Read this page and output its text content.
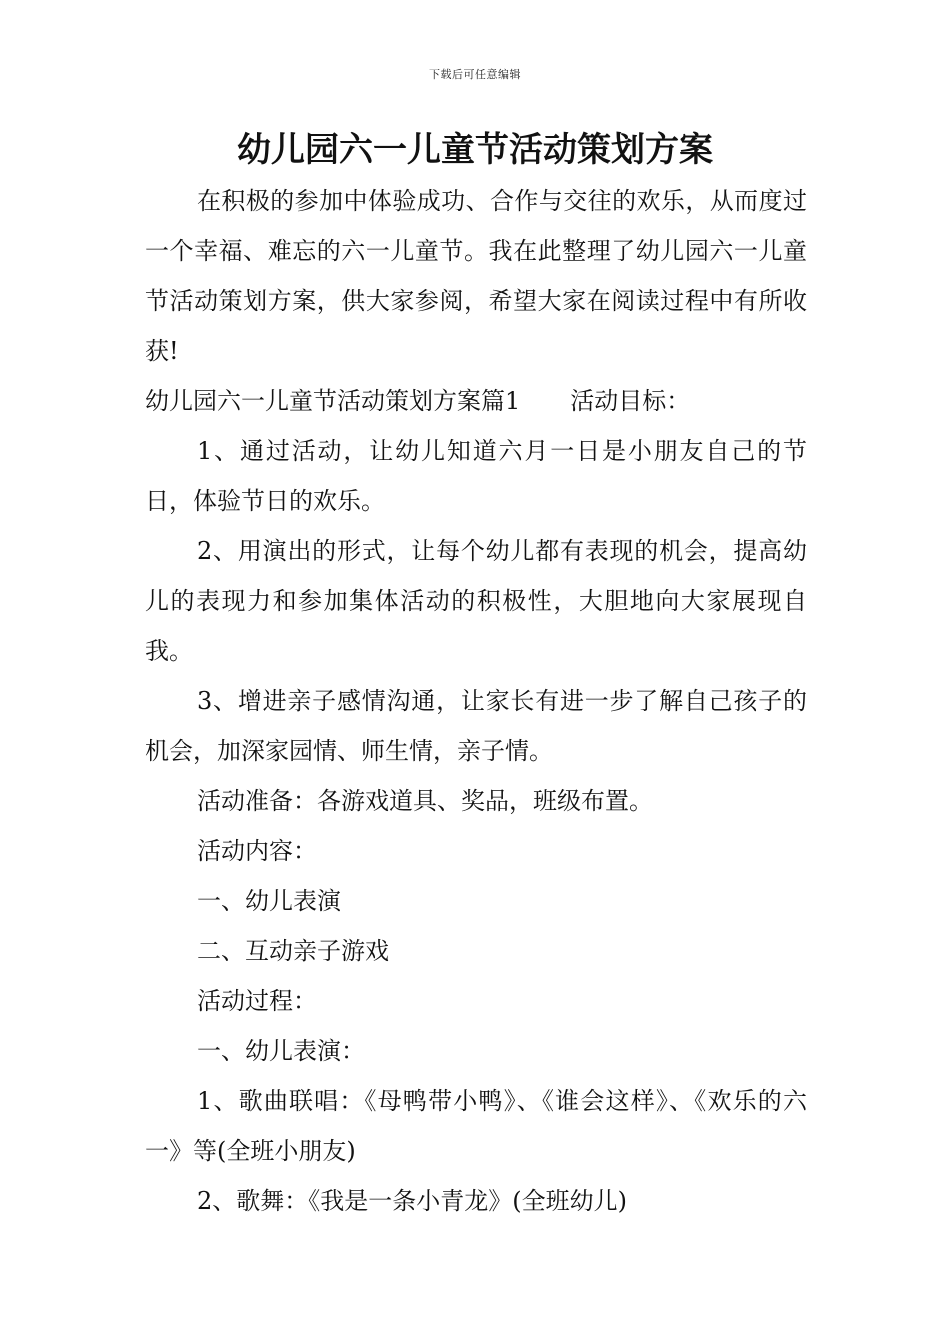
下载后可任意编辑
幼儿园六一儿童节活动策划方案

在积极的参加中体验成功、合作与交往的欢乐，从而度过一个幸福、难忘的六一儿童节。我在此整理了幼儿园六一儿童节活动策划方案，供大家参阅，希望大家在阅读过程中有所收获!

幼儿园六一儿童节活动策划方案篇1 活动目标：

1、通过活动，让幼儿知道六月一日是小朋友自己的节日，体验节日的欢乐。

2、用演出的形式，让每个幼儿都有表现的机会，提高幼儿的表现力和参加集体活动的积极性，大胆地向大家展现自我。

3、增进亲子感情沟通，让家长有进一步了解自己孩子的机会，加深家园情、师生情，亲子情。

活动准备：各游戏道具、奖品，班级布置。

活动内容：

一、幼儿表演

二、互动亲子游戏

活动过程：

一、幼儿表演：

1、歌曲联唱：《母鸭带小鸭》、《谁会这样》、《欢乐的六一》等(全班小朋友)

2、歌舞：《我是一条小青龙》(全班幼儿)
